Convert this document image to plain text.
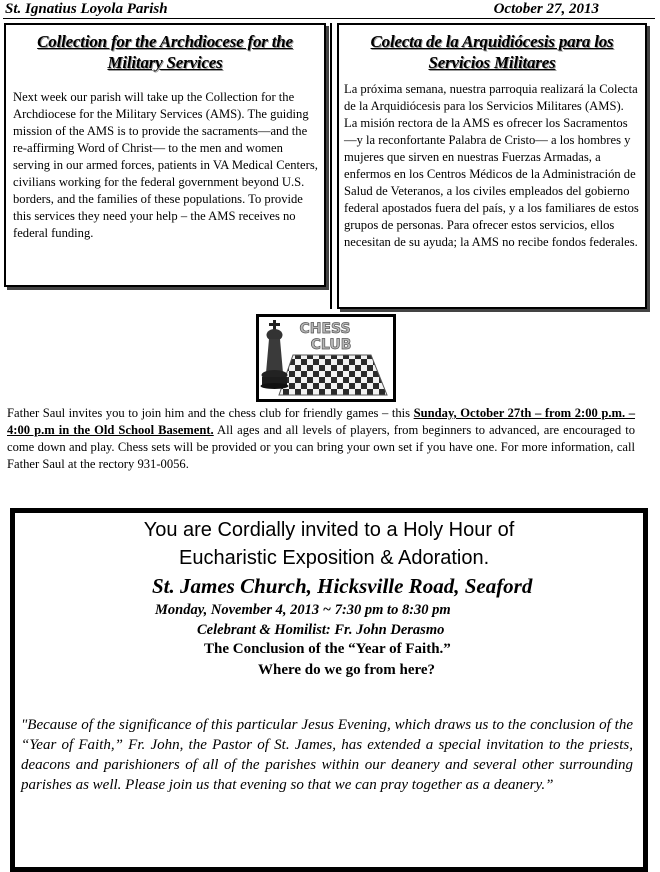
St. Ignatius Loyola Parish	October 27, 2013
Collection for the Archdiocese for the Military Services

Next week our parish will take up the Collection for the Archdiocese for the Military Services (AMS). The guiding mission of the AMS is to provide the sacraments—and the re-affirming Word of Christ— to the men and women serving in our armed forces, patients in VA Medical Centers, civilians working for the federal government beyond U.S. borders, and the families of these populations. To provide this services they need your help – the AMS receives no federal funding.

Colecta de la Arquidiócesis para los Servicios Militares

La próxima semana, nuestra parroquia realizará la Colecta de la Arquidiócesis para los Servicios Militares (AMS). La misión rectora de la AMS es ofrecer los Sacramentos —y la reconfortante Palabra de Cristo— a los hombres y mujeres que sirven en nuestras Fuerzas Armadas, a enfermos en los Centros Médicos de la Administración de Salud de Veteranos, a los civiles empleados del gobierno federal apostados fuera del país, y a los familiares de estos grupos de personas. Para ofrecer estos servicios, ellos necesitan de su ayuda; la AMS no recibe fondos federales.

CHESS
CLUB

Father Saul invites you to join him and the chess club for friendly games – this Sunday, October 27th – from 2:00 p.m. – 4:00 p.m in the Old School Basement. All ages and all levels of players, from beginners to advanced, are encouraged to come down and play. Chess sets will be provided or you can bring your own set if you have one. For more information, call Father Saul at the rectory 931-0056.

You are Cordially invited to a Holy Hour of
Eucharistic Exposition & Adoration.
St. James Church, Hicksville Road, Seaford
Monday, November 4, 2013 ~ 7:30 pm to 8:30 pm
Celebrant & Homilist: Fr. John Derasmo
The Conclusion of the “Year of Faith.”
Where do we go from here?

"Because of the significance of this particular Jesus Evening, which draws us to the conclusion of the “Year of Faith,” Fr. John, the Pastor of St. James, has extended a special invitation to the priests, deacons and parishioners of all of the parishes within our deanery and several other surrounding parishes as well. Please join us that evening so that we can pray together as a deanery.”
